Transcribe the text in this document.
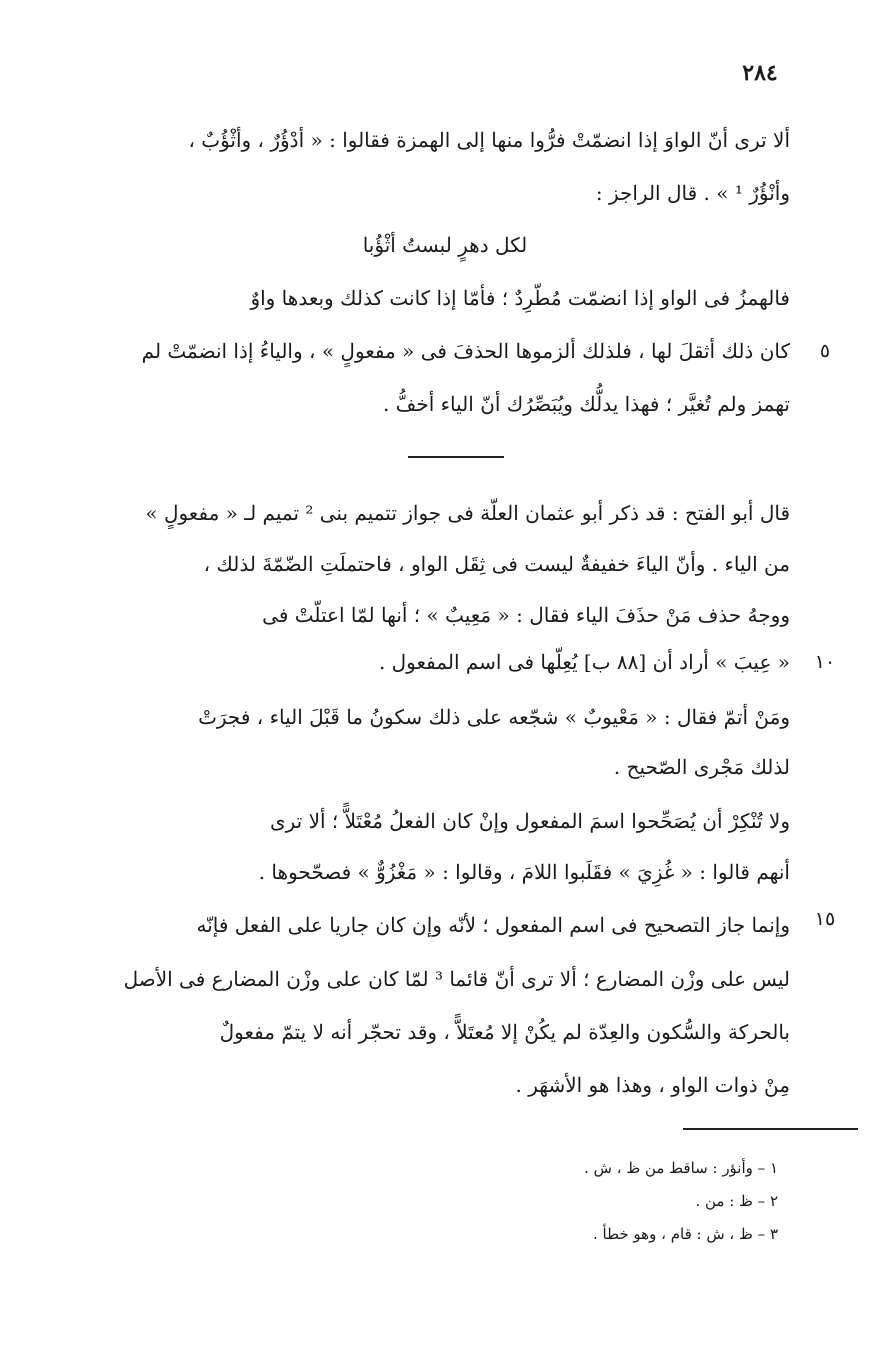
٢٨٤
ألا ترى أنّ الواوَ إذا انضمّتْ فرُّوا منها إلى الهمزة فقالوا : « أدْؤُرٌ ، وأثْؤُبٌ ،
وأنْؤُرٌ ¹ » . قال الراجز :
لكل دهرٍ لبستُ أثْؤُبا
فالهمزُ فى الواو إذا انضمّت مُطّرِدٌ ؛ فأمّا إذا كانت كذلك وبعدها واوٌ
كان ذلك أثقلَ لها ، فلذلك ألزموها الحذفَ فى « مفعولٍ » ، والياءُ إذا انضمّتْ لم	٥
تهمز ولم تُغيَّر ؛ فهذا يدلُّك ويُبَصِّرُك أنّ الياء أخفُّ .
قال أبو الفتح : قد ذكر أبو عثمان العلّة فى جواز تتميم بنى ² تميم لـ « مفعولٍ »
من الياء . وأنّ الياءَ خفيفةٌ ليست فى ثِقَل الواو ، فاحتملَتِ الضّمّةَ لذلك ،
ووجهُ حذف مَنْ حذَفَ الياء فقال : « مَعِيبٌ » ؛ أنها لمّا اعتلّتْ فى
« عِيبَ » أراد أن [٨٨ ب] يُعِلّها فى اسم المفعول .	١٠
ومَنْ أتمّ فقال : « مَعْيوبٌ » شجّعه على ذلك سكونُ ما قَبْلَ الياء ، فجرَتْ
لذلك مَجْرى الصّحيح .
ولا تُنْكِرْ أن يُصَحِّحوا اسمَ المفعول وإنْ كان الفعلُ مُعْتَلاًّ ؛ ألا ترى
أنهم قالوا : « غُزِيَ » فقَلَبوا اللامَ ، وقالوا : « مَغْزُوٌّ » فصحّحوها .
وإنما جاز التصحيح فى اسم المفعول ؛ لأنّه وإن كان جاريا على الفعل فإنّه	١٥
ليس على وزْن المضارع ؛ ألا ترى أنّ قائما ³ لمّا كان على وزْن المضارع فى الأصل
بالحركة والسُّكون والعِدّة لم يكُنْ إلا مُعتَلاًّ ، وقد تحجّر أنه لا يتمّ مفعولٌ
مِنْ ذوات الواو ، وهذا هو الأشهَر .
١ – وأنؤر : ساقط من ظ ، ش .
٢ – ظ : من .
٣ – ظ ، ش : قام ، وهو خطأ .
